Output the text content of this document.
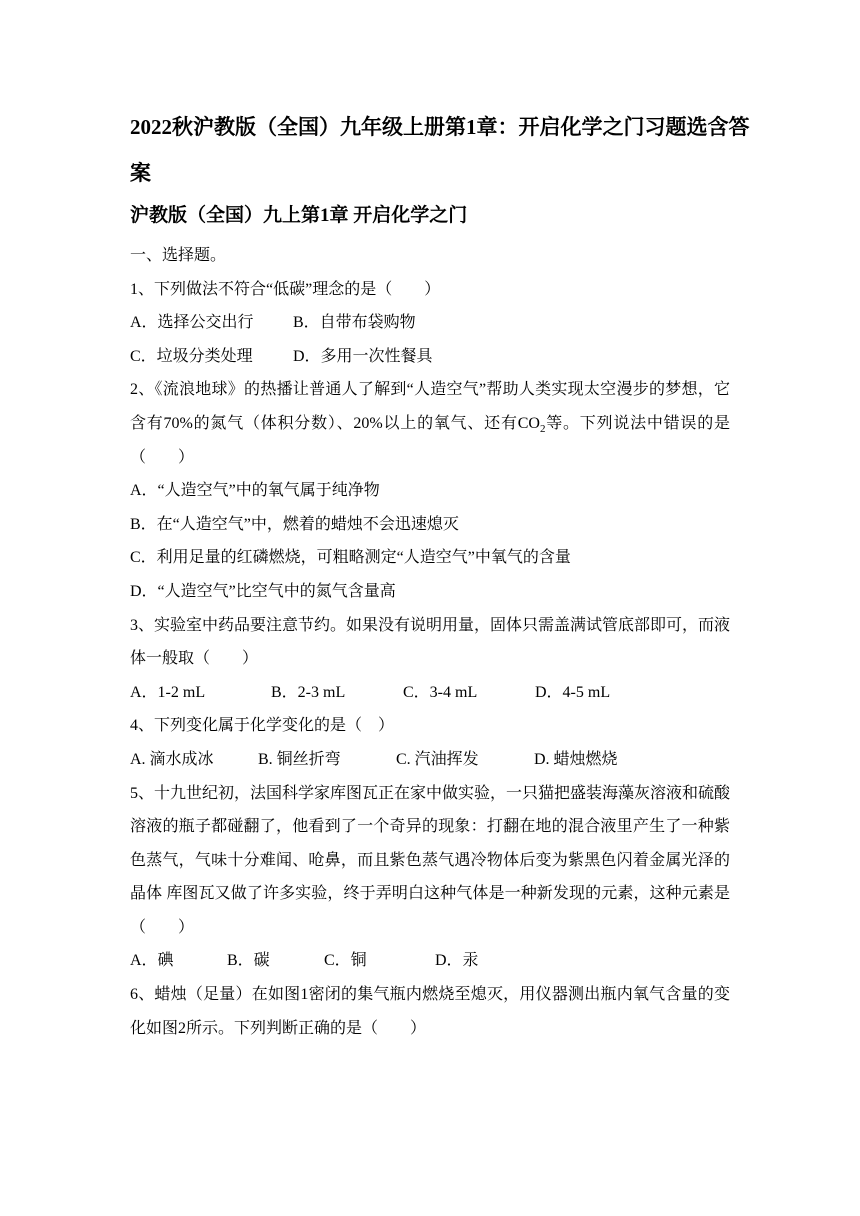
2022秋沪教版（全国）九年级上册第1章：开启化学之门习题选含答案
沪教版（全国）九上第1章 开启化学之门
一、选择题。
1、下列做法不符合“低碳”理念的是（　　）
A．选择公交出行	B．自带布袋购物
C．垃圾分类处理	D．多用一次性餐具
2、《流浪地球》的热播让普通人了解到“人造空气”帮助人类实现太空漫步的梦想，它含有70%的氮气（体积分数）、20%以上的氧气、还有$CO_2$等。下列说法中错误的是（　　）
A．“人造空气”中的氧气属于纯净物
B．在“人造空气”中，燃着的蜡烛不会迅速熄灭
C．利用足量的红磷燃烧，可粗略测定“人造空气”中氧气的含量
D．“人造空气”比空气中的氮气含量高
3、实验室中药品要注意节约。如果没有说明用量，固体只需盖满试管底部即可，而液体一般取（　　）
A．1-2 mL	B．2-3 mL	C．3-4 mL	D．4-5 mL
4、下列变化属于化学变化的是（　）
A. 滴水成冰	B. 铜丝折弯	C. 汽油挥发	D. 蜡烛燃烧
5、十九世纪初，法国科学家库图瓦正在家中做实验，一只猫把盛装海藻灰溶液和硫酸溶液的瓶子都碰翻了，他看到了一个奇异的现象：打翻在地的混合液里产生了一种紫色蒸气，气味十分难闻、呛鼻，而且紫色蒸气遇冷物体后变为紫黑色闪着金属光泽的晶体 库图瓦又做了许多实验，终于弄明白这种气体是一种新发现的元素，这种元素是（　　）
A．碘	B．碳	C．铜	D．汞
6、蜡烛（足量）在如图1密闭的集气瓶内燃烧至熄灭，用仪器测出瓶内氧气含量的变化如图2所示。下列判断正确的是（　　）
